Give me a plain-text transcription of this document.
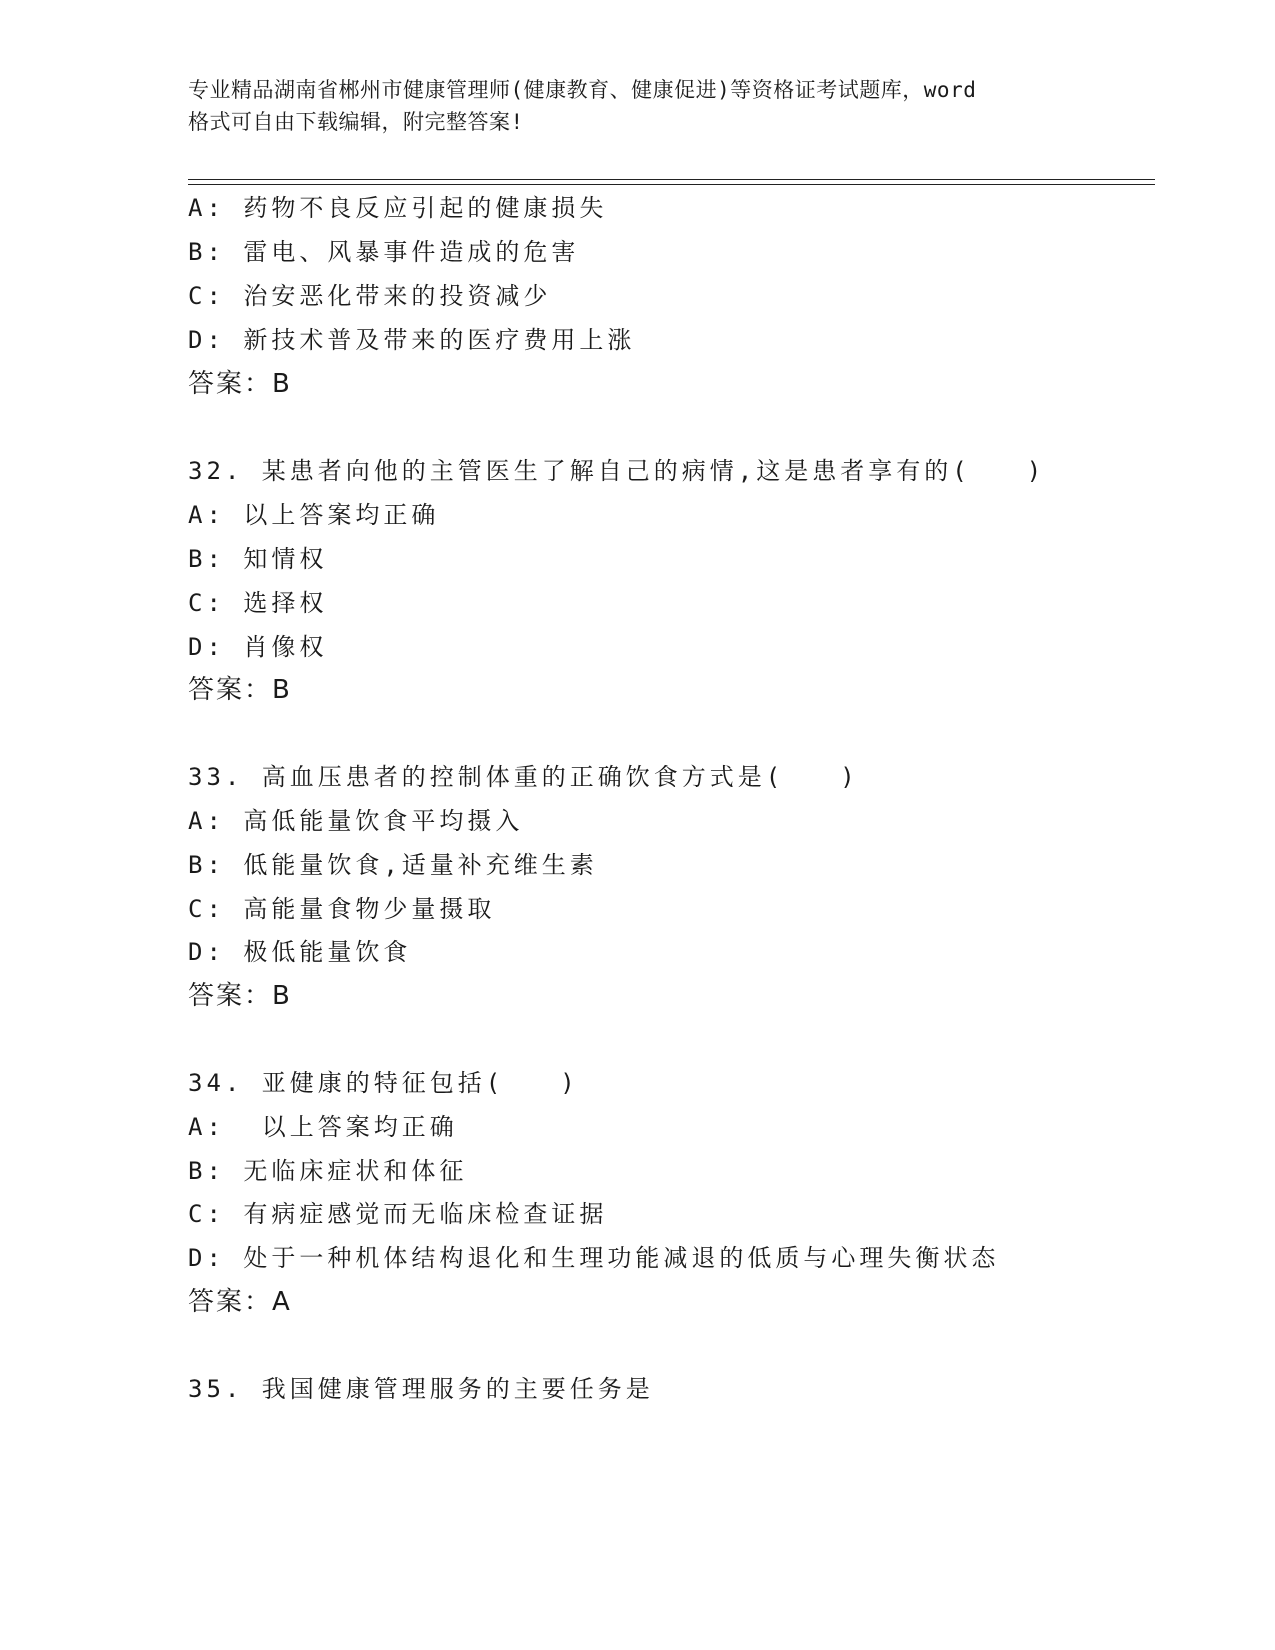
专业精品湖南省郴州市健康管理师(健康教育、健康促进)等资格证考试题库，word
格式可自由下载编辑，附完整答案!
A: 药物不良反应引起的健康损失
B: 雷电、风暴事件造成的危害
C: 治安恶化带来的投资减少
D: 新技术普及带来的医疗费用上涨
答案：B
32. 某患者向他的主管医生了解自己的病情,这是患者享有的(　　)
A: 以上答案均正确
B: 知情权
C: 选择权
D: 肖像权
答案：B
33. 高血压患者的控制体重的正确饮食方式是(　　)
A: 高低能量饮食平均摄入
B: 低能量饮食,适量补充维生素
C: 高能量食物少量摄取
D: 极低能量饮食
答案：B
34. 亚健康的特征包括(　　)
A:  以上答案均正确
B: 无临床症状和体征
C: 有病症感觉而无临床检查证据
D: 处于一种机体结构退化和生理功能减退的低质与心理失衡状态
答案：A
35. 我国健康管理服务的主要任务是
